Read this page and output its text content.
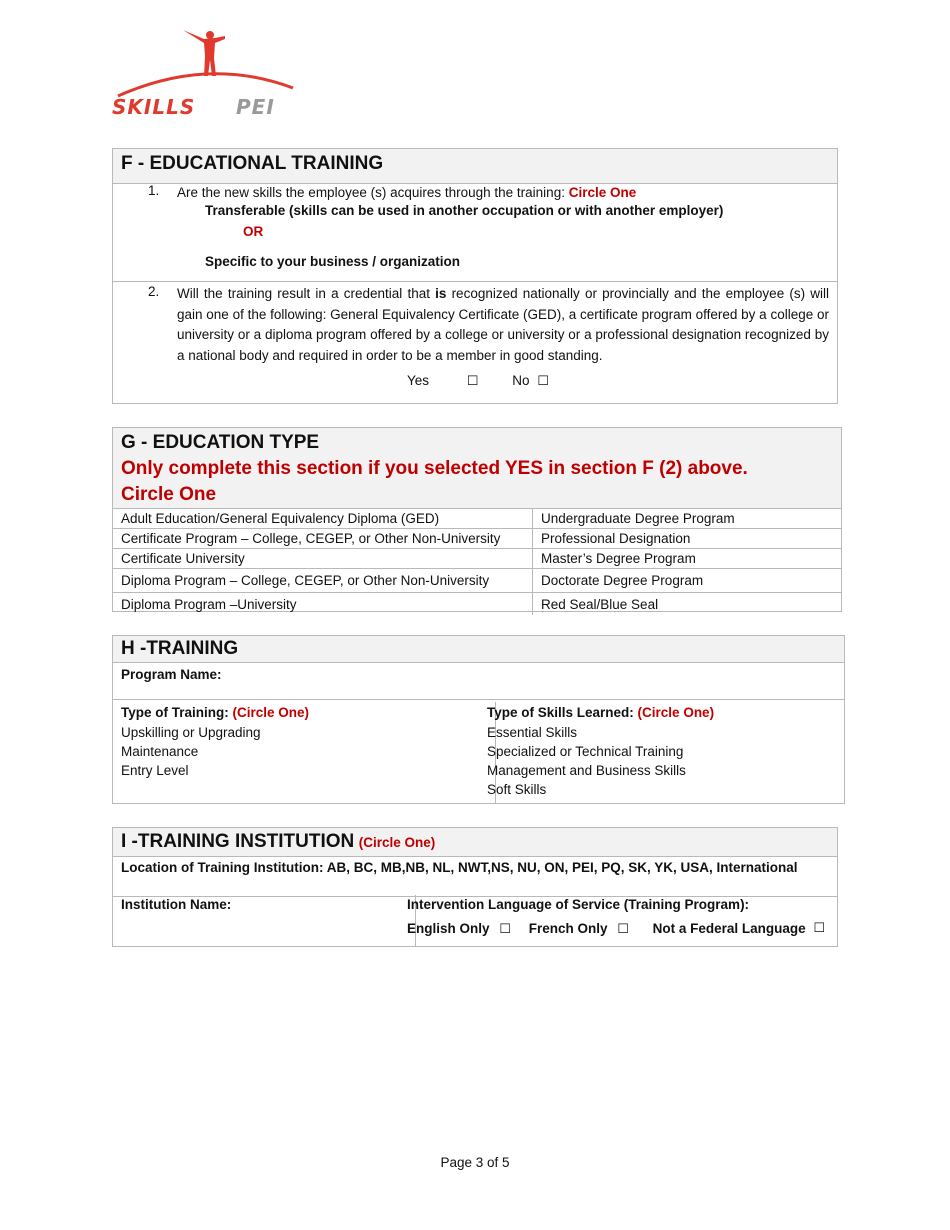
SKILLS PEI
F - EDUCATIONAL TRAINING
1. Are the new skills the employee (s) acquires through the training: Circle One
Transferable (skills can be used in another occupation or with another employer)
OR
Specific to your business / organization
2. Will the training result in a credential that is recognized nationally or provincially and the employee (s) will gain one of the following: General Equivalency Certificate (GED), a certificate program offered by a college or university or a diploma program offered by a college or university or a professional designation recognized by a national body and required in order to be a member in good standing.
Yes	☐	No ☐
G - EDUCATION TYPE
Only complete this section if you selected YES in section F (2) above.
Circle One
Adult Education/General Equivalency Diploma (GED)	Undergraduate Degree Program
Certificate Program – College, CEGEP, or Other Non-University	Professional Designation
Certificate University	Master’s Degree Program
Diploma Program – College, CEGEP, or Other Non-University	Doctorate Degree Program
Diploma Program –University	Red Seal/Blue Seal
H -TRAINING
Program Name:
Type of Training: (Circle One)
Upskilling or Upgrading
Maintenance
Entry Level
Type of Skills Learned: (Circle One)
Essential Skills
Specialized or Technical Training
Management and Business Skills
Soft Skills
I -TRAINING INSTITUTION (Circle One)
Location of Training Institution: AB, BC, MB,NB, NL, NWT,NS, NU, ON, PEI, PQ, SK, YK, USA, International
Institution Name:	Intervention Language of Service (Training Program):
English Only ☐ French Only ☐ Not a Federal Language ☐
Page 3 of 5
